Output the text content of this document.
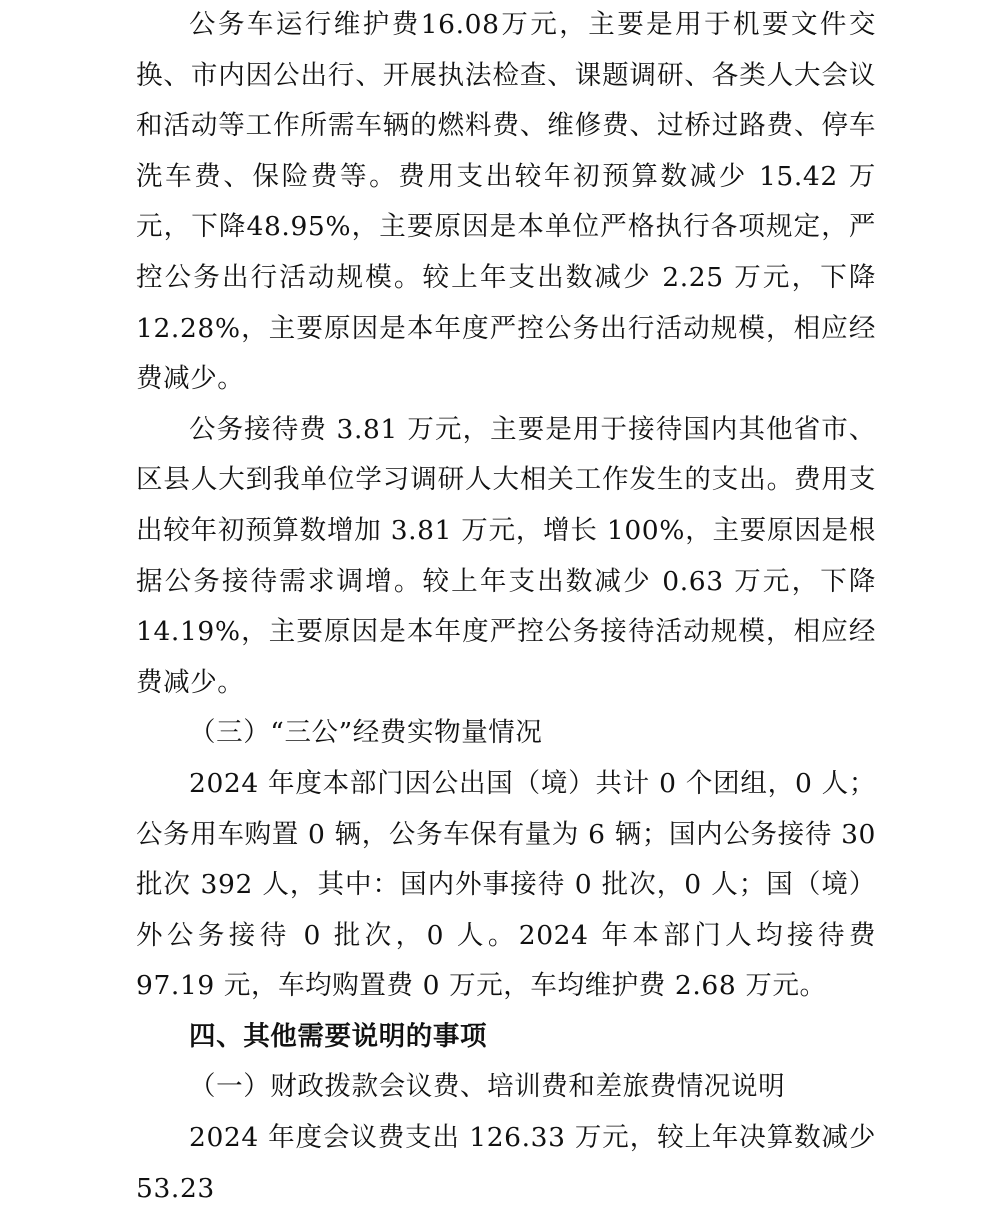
公务车运行维护费16.08万元，主要是用于机要文件交换、市内因公出行、开展执法检查、课题调研、各类人大会议和活动等工作所需车辆的燃料费、维修费、过桥过路费、停车洗车费、保险费等。费用支出较年初预算数减少 15.42 万元，下降48.95%，主要原因是本单位严格执行各项规定，严控公务出行活动规模。较上年支出数减少 2.25 万元，下降 12.28%，主要原因是本年度严控公务出行活动规模，相应经费减少。

公务接待费 3.81 万元，主要是用于接待国内其他省市、区县人大到我单位学习调研人大相关工作发生的支出。费用支出较年初预算数增加 3.81 万元，增长 100%，主要原因是根据公务接待需求调增。较上年支出数减少 0.63 万元，下降 14.19%，主要原因是本年度严控公务接待活动规模，相应经费减少。

（三）“三公”经费实物量情况

2024 年度本部门因公出国（境）共计 0 个团组，0 人；公务用车购置 0 辆，公务车保有量为 6 辆；国内公务接待 30 批次 392 人，其中：国内外事接待 0 批次，0 人；国（境）外公务接待 0 批次，0 人。2024 年本部门人均接待费 97.19 元，车均购置费 0 万元，车均维护费 2.68 万元。

四、其他需要说明的事项

（一）财政拨款会议费、培训费和差旅费情况说明

2024 年度会议费支出 126.33 万元，较上年决算数减少 53.23
